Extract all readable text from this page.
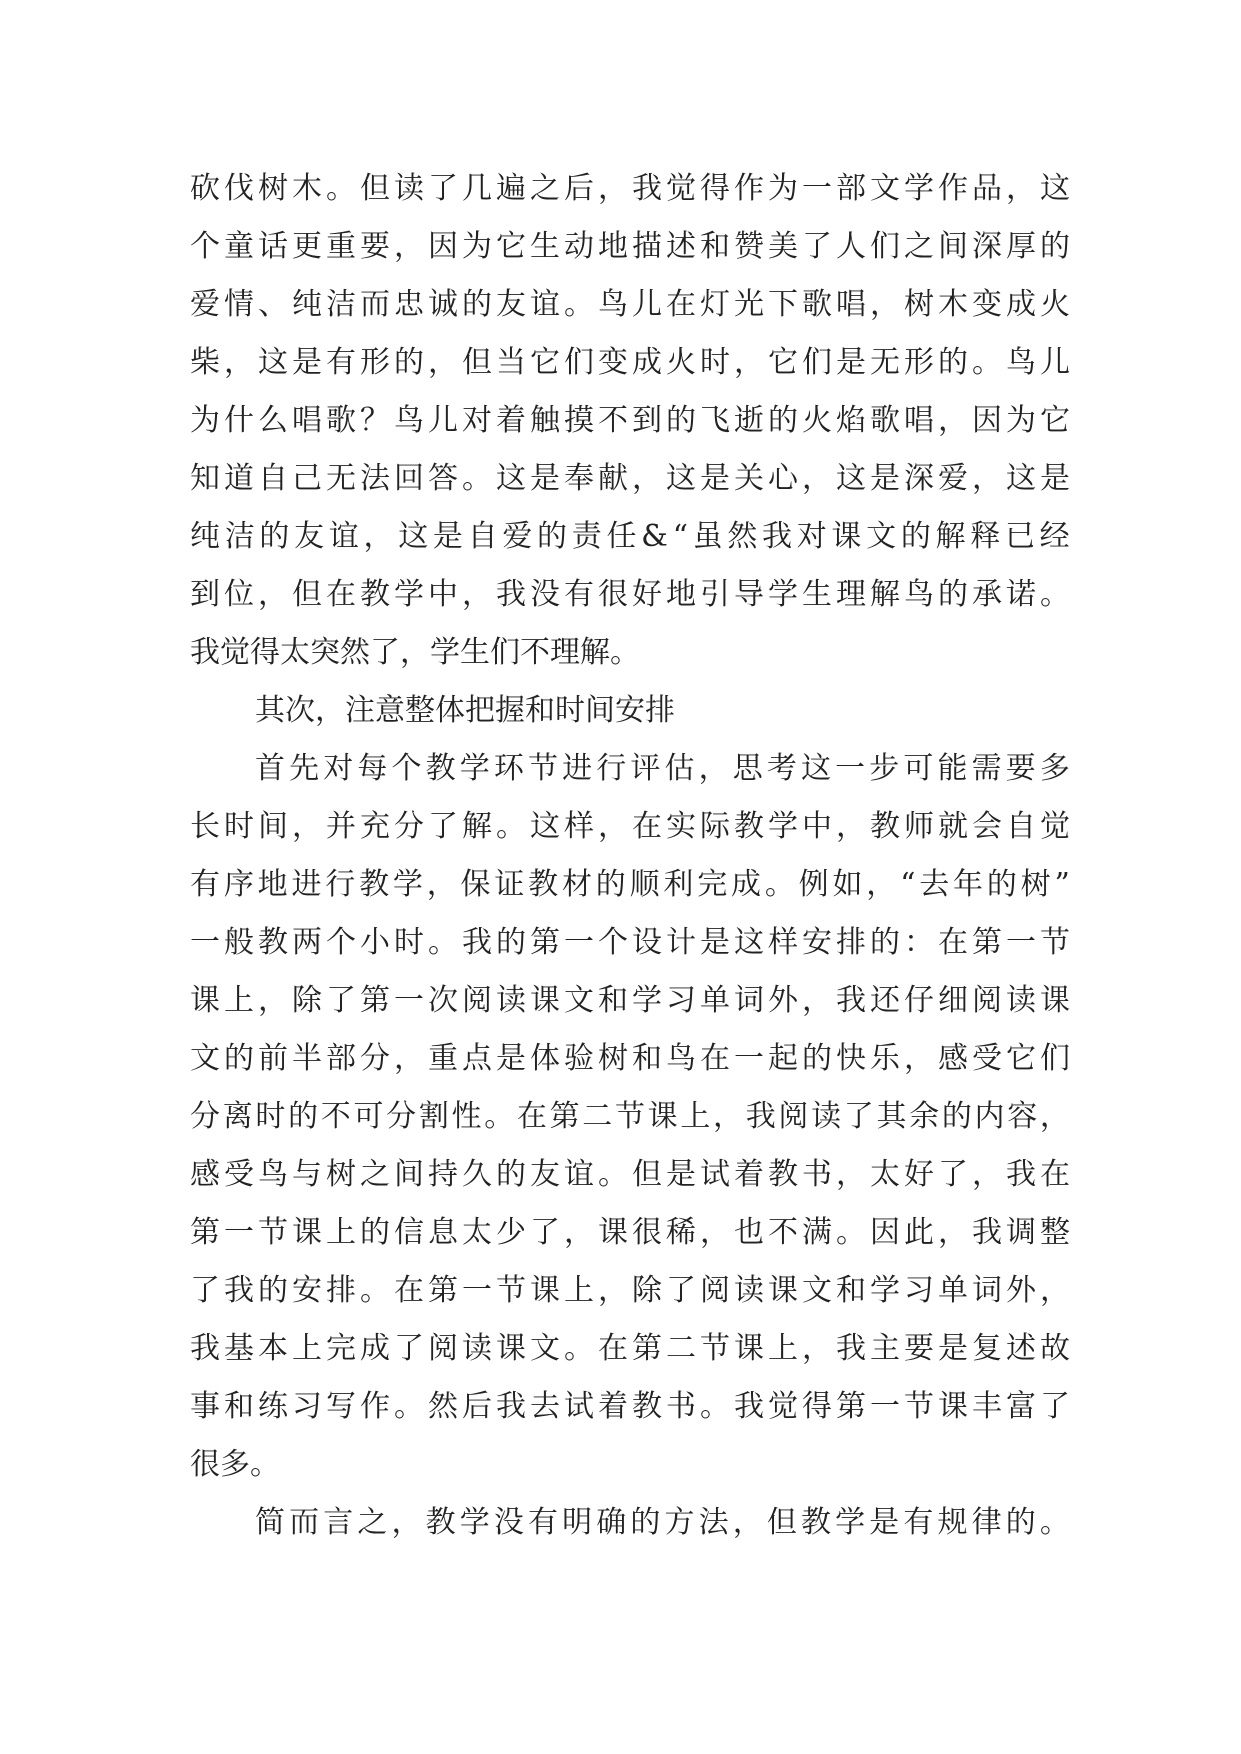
砍 伐 树 木 。 但 读 了 几 遍 之 后 ， 我 觉 得 作 为 一 部 文 学 作 品 ， 这
个 童 话 更 重 要 ， 因 为 它 生 动 地 描 述 和 赞 美 了 人 们 之 间 深 厚 的
爱 情 、 纯 洁 而 忠 诚 的 友 谊 。 鸟 儿 在 灯 光 下 歌 唱 ， 树 木 变 成 火
柴 ， 这 是 有 形 的 ， 但 当 它 们 变 成 火 时 ， 它 们 是 无 形 的 。 鸟 儿
为 什 么 唱 歌 ？ 鸟 儿 对 着 触 摸 不 到 的 飞 逝 的 火 焰 歌 唱 ， 因 为 它
知 道 自 己 无 法 回 答 。 这 是 奉 献 ， 这 是 关 心 ， 这 是 深 爱 ， 这 是
纯 洁 的 友 谊 ， 这 是 自 爱 的 责 任 & “ 虽 然 我 对 课 文 的 解 释 已 经
到 位 ， 但 在 教 学 中 ， 我 没 有 很 好 地 引 导 学 生 理 解 鸟 的 承 诺 。
我觉得太突然了，学生们不理解。
其次，注意整体把握和时间安排
首 先 对 每 个 教 学 环 节 进 行 评 估 ， 思 考 这 一 步 可 能 需 要 多
长 时 间 ， 并 充 分 了 解 。 这 样 ， 在 实 际 教 学 中 ， 教 师 就 会 自 觉
有 序 地 进 行 教 学 ， 保 证 教 材 的 顺 利 完 成 。 例 如 ， “ 去 年 的 树 ”
一 般 教 两 个 小 时 。 我 的 第 一 个 设 计 是 这 样 安 排 的 ： 在 第 一 节
课 上 ， 除 了 第 一 次 阅 读 课 文 和 学 习 单 词 外 ， 我 还 仔 细 阅 读 课
文 的 前 半 部 分 ， 重 点 是 体 验 树 和 鸟 在 一 起 的 快 乐 ， 感 受 它 们
分 离 时 的 不 可 分 割 性 。 在 第 二 节 课 上 ， 我 阅 读 了 其 余 的 内 容 ，
感 受 鸟 与 树 之 间 持 久 的 友 谊 。 但 是 试 着 教 书 ， 太 好 了 ， 我 在
第 一 节 课 上 的 信 息 太 少 了 ， 课 很 稀 ， 也 不 满 。 因 此 ， 我 调 整
了 我 的 安 排 。 在 第 一 节 课 上 ， 除 了 阅 读 课 文 和 学 习 单 词 外 ，
我 基 本 上 完 成 了 阅 读 课 文 。 在 第 二 节 课 上 ， 我 主 要 是 复 述 故
事 和 练 习 写 作 。 然 后 我 去 试 着 教 书 。 我 觉 得 第 一 节 课 丰 富 了
很多。
简 而 言 之 ， 教 学 没 有 明 确 的 方 法 ， 但 教 学 是 有 规 律 的 。
